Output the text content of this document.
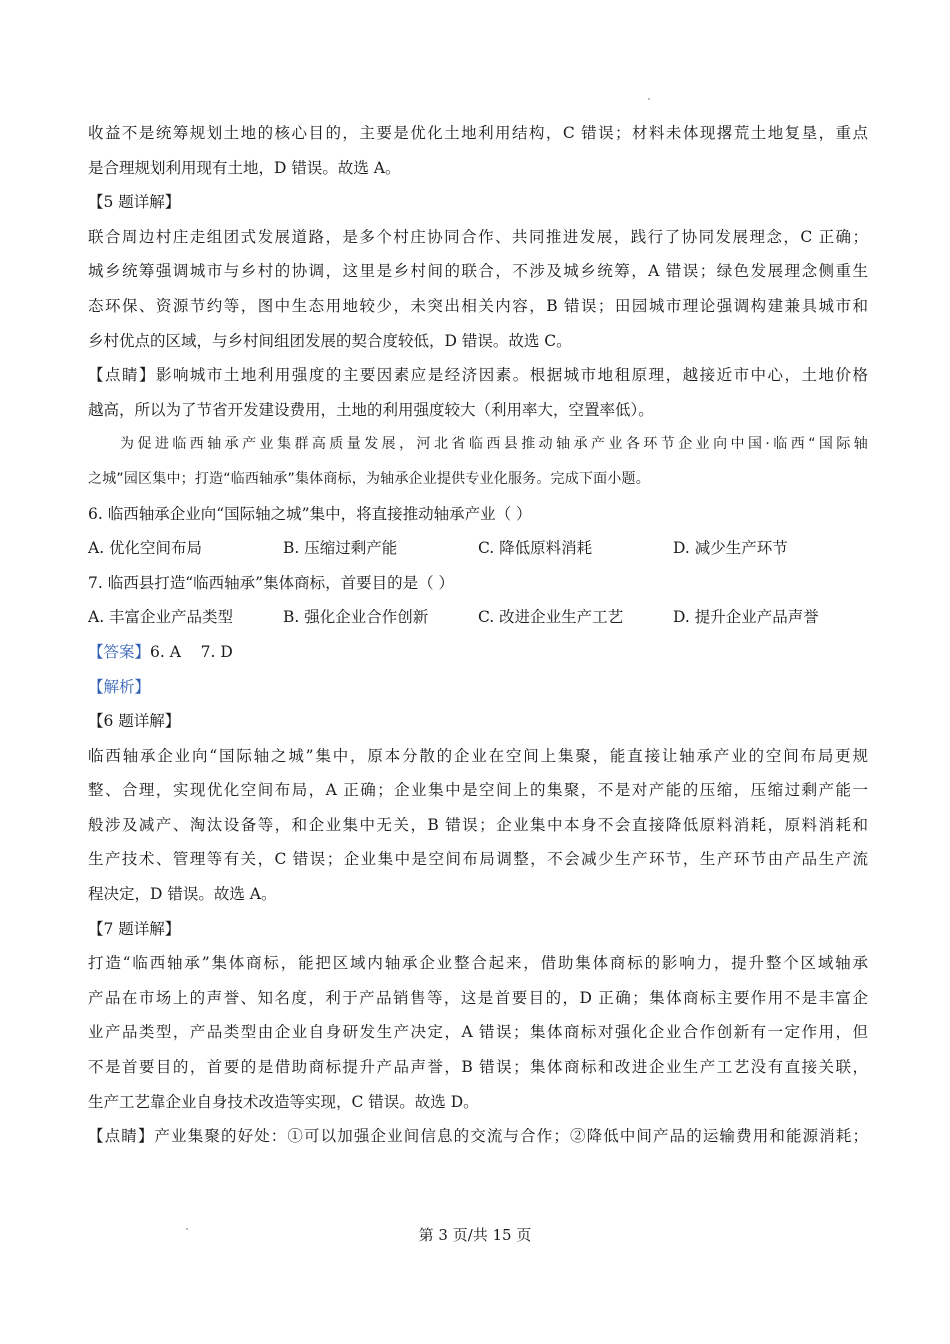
收益不是统筹规划土地的核心目的，主要是优化土地利用结构，C 错误；材料未体现撂荒土地复垦，重点

是合理规划利用现有土地，D 错误。故选 A。

【5 题详解】

联合周边村庄走组团式发展道路，是多个村庄协同合作、共同推进发展，践行了协同发展理念，C 正确；

城乡统筹强调城市与乡村的协调，这里是乡村间的联合，不涉及城乡统筹，A 错误；绿色发展理念侧重生

态环保、资源节约等，图中生态用地较少，未突出相关内容，B 错误；田园城市理论强调构建兼具城市和

乡村优点的区域，与乡村间组团发展的契合度较低，D 错误。故选 C。

【点睛】影响城市土地利用强度的主要因素应是经济因素。根据城市地租原理，越接近市中心，土地价格

越高，所以为了节省开发建设费用，土地的利用强度较大（利用率大，空置率低）。

为促进临西轴承产业集群高质量发展，河北省临西县推动轴承产业各环节企业向中国·临西“国际轴

之城”园区集中；打造“临西轴承”集体商标，为轴承企业提供专业化服务。完成下面小题。

6. 临西轴承企业向“国际轴之城”集中，将直接推动轴承产业（ ）

A. 优化空间布局	B. 压缩过剩产能	C. 降低原料消耗	D. 减少生产环节

7. 临西县打造“临西轴承”集体商标，首要目的是（ ）

A. 丰富企业产品类型	B. 强化企业合作创新	C. 改进企业生产工艺	D. 提升企业产品声誉

【答案】6. A    7. D

【解析】

【6 题详解】

临西轴承企业向“国际轴之城”集中，原本分散的企业在空间上集聚，能直接让轴承产业的空间布局更规

整、合理，实现优化空间布局，A 正确；企业集中是空间上的集聚，不是对产能的压缩，压缩过剩产能一

般涉及减产、淘汰设备等，和企业集中无关，B 错误；企业集中本身不会直接降低原料消耗，原料消耗和

生产技术、管理等有关，C 错误；企业集中是空间布局调整，不会减少生产环节，生产环节由产品生产流

程决定，D 错误。故选 A。

【7 题详解】

打造“临西轴承”集体商标，能把区域内轴承企业整合起来，借助集体商标的影响力，提升整个区域轴承

产品在市场上的声誉、知名度，利于产品销售等，这是首要目的，D 正确；集体商标主要作用不是丰富企

业产品类型，产品类型由企业自身研发生产决定，A 错误；集体商标对强化企业合作创新有一定作用，但

不是首要目的，首要的是借助商标提升产品声誉，B 错误；集体商标和改进企业生产工艺没有直接关联，

生产工艺靠企业自身技术改造等实现，C 错误。故选 D。

【点睛】产业集聚的好处：①可以加强企业间信息的交流与合作；②降低中间产品的运输费用和能源消耗；

第 3 页/共 15 页
